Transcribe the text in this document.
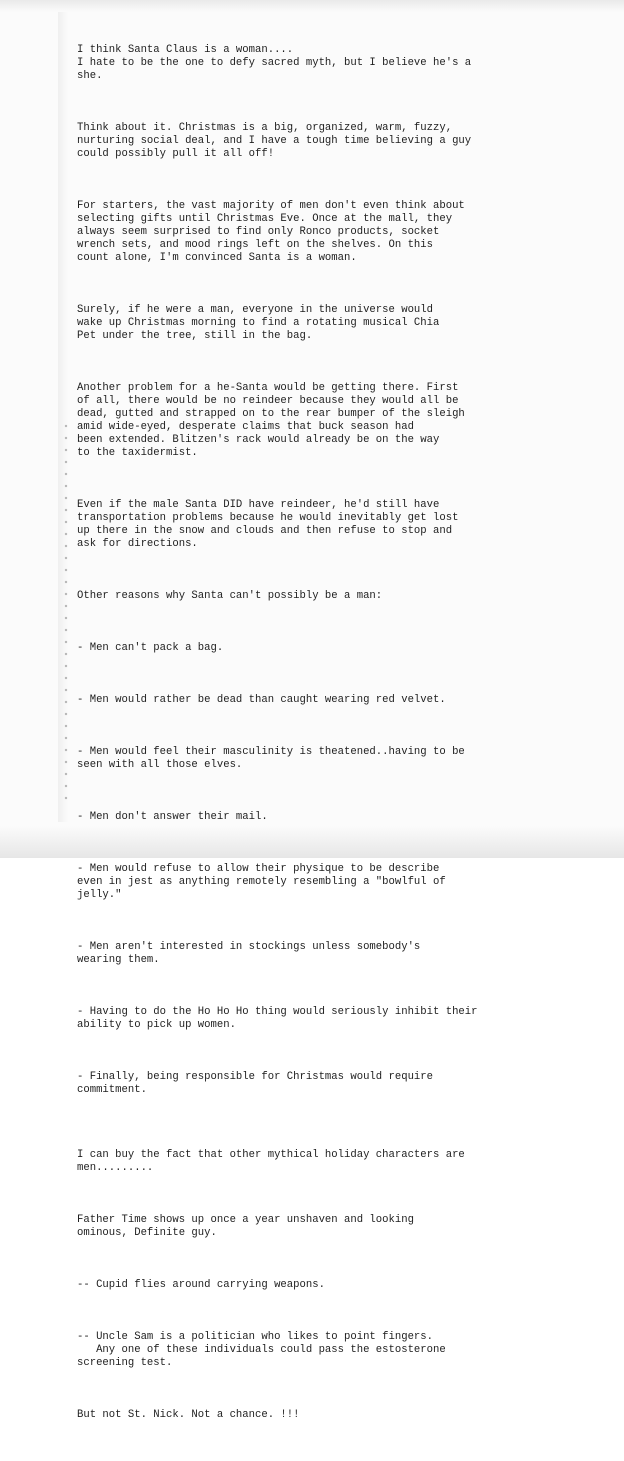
I think Santa Claus is a woman....
I hate to be the one to defy sacred myth, but I believe he's a
she.

Think about it. Christmas is a big, organized, warm, fuzzy,
nurturing social deal, and I have a tough time believing a guy
could possibly pull it all off!

For starters, the vast majority of men don't even think about
selecting gifts until Christmas Eve. Once at the mall, they
always seem surprised to find only Ronco products, socket
wrench sets, and mood rings left on the shelves. On this
count alone, I'm convinced Santa is a woman.

Surely, if he were a man, everyone in the universe would
wake up Christmas morning to find a rotating musical Chia
Pet under the tree, still in the bag.

Another problem for a he-Santa would be getting there. First
of all, there would be no reindeer because they would all be
dead, gutted and strapped on to the rear bumper of the sleigh
amid wide-eyed, desperate claims that buck season had
been extended. Blitzen's rack would already be on the way
to the taxidermist.

Even if the male Santa DID have reindeer, he'd still have
transportation problems because he would inevitably get lost
up there in the snow and clouds and then refuse to stop and
ask for directions.

Other reasons why Santa can't possibly be a man:

- Men can't pack a bag.

- Men would rather be dead than caught wearing red velvet.

- Men would feel their masculinity is theatened..having to be
seen with all those elves.

- Men don't answer their mail.

- Men would refuse to allow their physique to be describe
even in jest as anything remotely resembling a "bowlful of
jelly."

- Men aren't interested in stockings unless somebody's
wearing them.

- Having to do the Ho Ho Ho thing would seriously inhibit their
ability to pick up women.

- Finally, being responsible for Christmas would require
commitment.

I can buy the fact that other mythical holiday characters are
men.........

Father Time shows up once a year unshaven and looking
ominous, Definite guy.

-- Cupid flies around carrying weapons.

-- Uncle Sam is a politician who likes to point fingers.
Any one of these individuals could pass the estosterone
screening test.

But not St. Nick. Not a chance. !!!
